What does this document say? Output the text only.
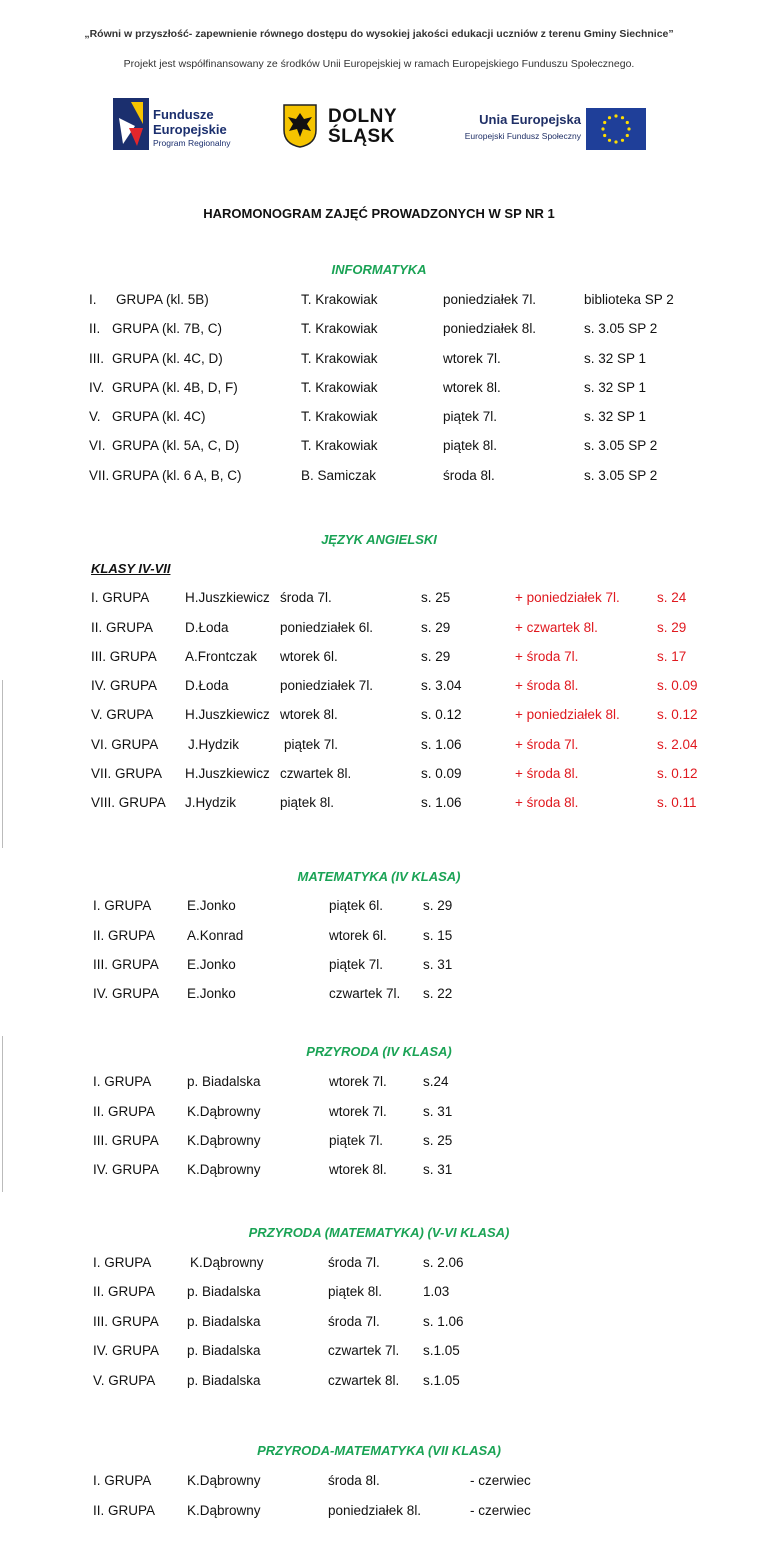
„Równi w przyszłość- zapewnienie równego dostępu do wysokiej jakości edukacji uczniów z terenu Gminy Siechnice”
Projekt jest współfinansowany ze środków Unii Europejskiej w ramach Europejskiego Funduszu Społecznego.
Fundusze
Europejskie
Program Regionalny
DOLNY
ŚLĄSK
Unia Europejska
Europejski Fundusz Społeczny
HAROMONOGRAM ZAJĘĆ PROWADZONYCH W SP NR 1
INFORMATYKA
I. GRUPA (kl. 5B)	T. Krakowiak	poniedziałek 7l.	biblioteka SP 2
II. GRUPA (kl. 7B, C)	T. Krakowiak	poniedziałek 8l.	s. 3.05 SP 2
III. GRUPA (kl. 4C, D)	T. Krakowiak	wtorek 7l.	s. 32 SP 1
IV. GRUPA (kl. 4B, D, F)	T. Krakowiak	wtorek 8l.	s. 32 SP 1
V. GRUPA (kl. 4C)	T. Krakowiak	piątek 7l.	s. 32 SP 1
VI. GRUPA (kl. 5A, C, D)	T. Krakowiak	piątek 8l.	s. 3.05 SP 2
VII. GRUPA (kl. 6 A, B, C)	B. Samiczak	środa 8l.	s. 3.05 SP 2
JĘZYK ANGIELSKI
KLASY IV-VII
I. GRUPA	H.Juszkiewicz środa 7l.	s. 25	+ poniedziałek 7l.	s. 24
II. GRUPA D.Łoda	poniedziałek 6l.	s. 29	+ czwartek 8l.	s. 29
III. GRUPA A.Frontczak wtorek 6l.	s. 29	+ środa 7l.	s. 17
IV. GRUPA D.Łoda	poniedziałek 7l.	s. 3.04	+ środa 8l.	s. 0.09
V. GRUPA H.Juszkiewicz wtorek 8l.	s. 0.12	+ poniedziałek 8l.	s. 0.12
VI. GRUPA J.Hydzik	piątek 7l.	s. 1.06	+ środa 7l.	s. 2.04
VII. GRUPA H.Juszkiewicz czwartek 8l.	s. 0.09	+ środa 8l.	s. 0.12
VIII. GRUPA J.Hydzik	piątek 8l.	s. 1.06	+ środa 8l.	s. 0.11
MATEMATYKA (IV KLASA)
I. GRUPA	E.Jonko	piątek 6l.	s. 29
II. GRUPA A.Konrad	wtorek 6l.	s. 15
III. GRUPA E.Jonko	piątek 7l.	s. 31
IV. GRUPA E.Jonko	czwartek 7l. s. 22
PRZYRODA (IV KLASA)
I. GRUPA	p. Biadalska	wtorek 7l.	s.24
II. GRUPA K.Dąbrowny	wtorek 7l.	s. 31
III. GRUPA K.Dąbrowny	piątek 7l.	s. 25
IV. GRUPA K.Dąbrowny	wtorek 8l.	s. 31
PRZYRODA (MATEMATYKA) (V-VI KLASA)
I. GRUPA	K.Dąbrowny	środa 7l.	s. 2.06
II. GRUPA p. Biadalska	piątek 8l.	1.03
III. GRUPA p. Biadalska	środa 7l.	s. 1.06
IV. GRUPA p. Biadalska	czwartek 7l. s.1.05
V. GRUPA p. Biadalska	czwartek 8l. s.1.05
PRZYRODA-MATEMATYKA (VII KLASA)
I. GRUPA	K.Dąbrowny	środa 8l.	- czerwiec
II. GRUPA K.Dąbrowny	poniedziałek 8l.	- czerwiec
